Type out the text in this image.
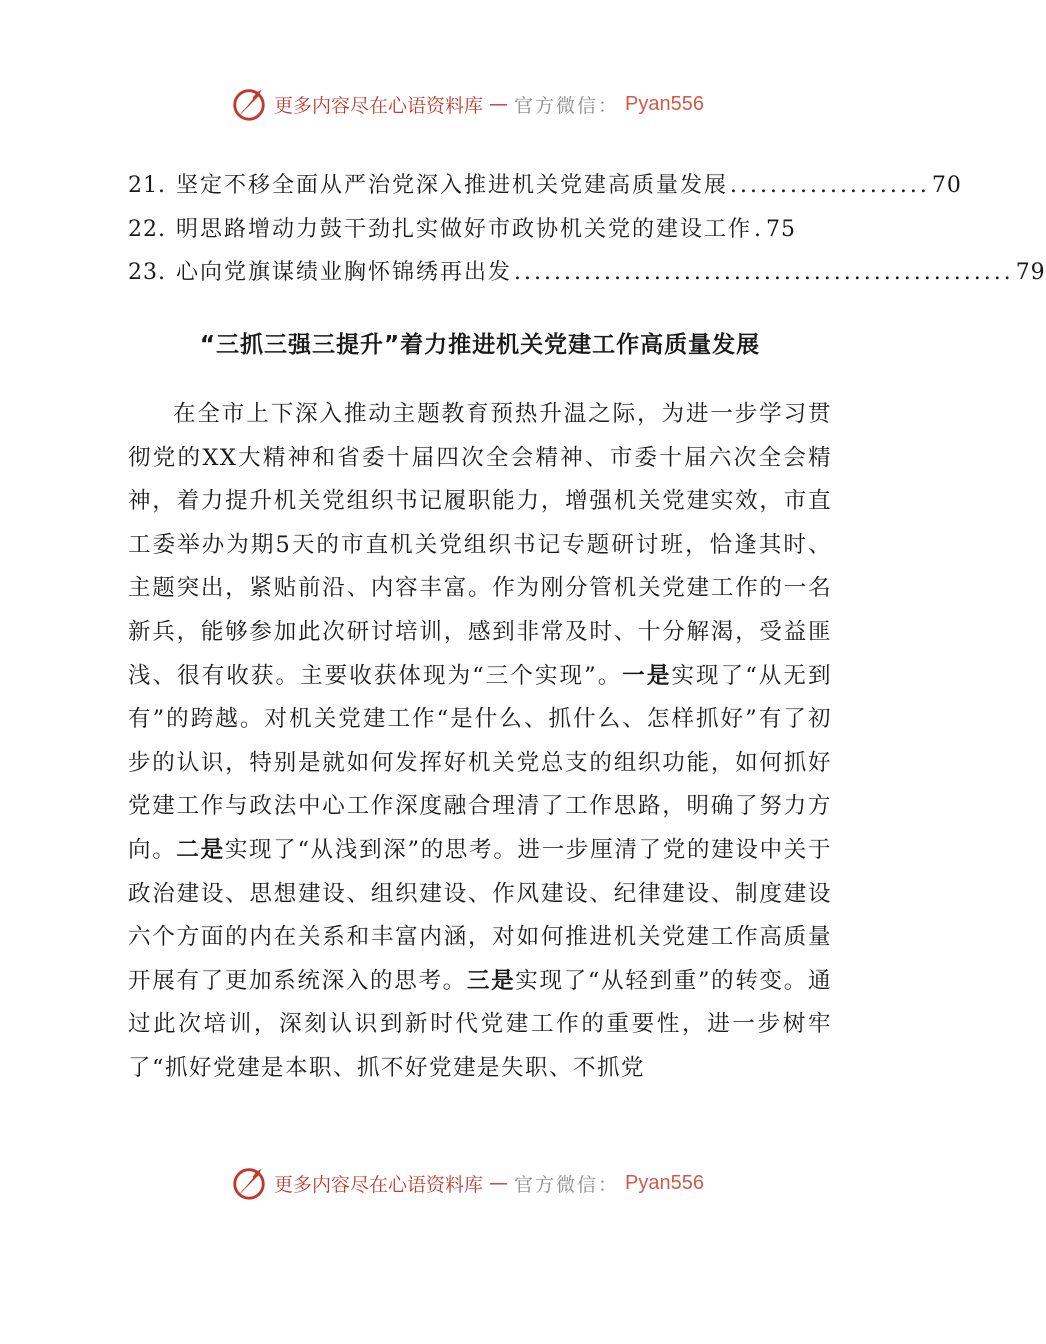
更多内容尽在心语资料库 — 官方微信： Pyan556
21. 坚定不移全面从严治党深入推进机关党建高质量发展 .................... 70
22. 明思路增动力鼓干劲扎实做好市政协机关党的建设工作 . 75
23. 心向党旗谋绩业胸怀锦绣再出发 .................................................. 79
“三抓三强三提升”着力推进机关党建工作高质量发展

在全市上下深入推动主题教育预热升温之际，为进一步学习贯彻党的XX大精神和省委十届四次全会精神、市委十届六次全会精神，着力提升机关党组织书记履职能力，增强机关党建实效，市直工委举办为期5天的市直机关党组织书记专题研讨班，恰逢其时、主题突出，紧贴前沿、内容丰富。作为刚分管机关党建工作的一名新兵，能够参加此次研讨培训，感到非常及时、十分解渴，受益匪浅、很有收获。主要收获体现为“三个实现”。一是实现了“从无到有”的跨越。对机关党建工作“是什么、抓什么、怎样抓好”有了初步的认识，特别是就如何发挥好机关党总支的组织功能，如何抓好党建工作与政法中心工作深度融合理清了工作思路，明确了努力方向。二是实现了“从浅到深”的思考。进一步厘清了党的建设中关于政治建设、思想建设、组织建设、作风建设、纪律建设、制度建设六个方面的内在关系和丰富内涵，对如何推进机关党建工作高质量开展有了更加系统深入的思考。三是实现了“从轻到重”的转变。通过此次培训，深刻认识到新时代党建工作的重要性，进一步树牢了“抓好党建是本职、抓不好党建是失职、不抓党

更多内容尽在心语资料库 — 官方微信： Pyan556
